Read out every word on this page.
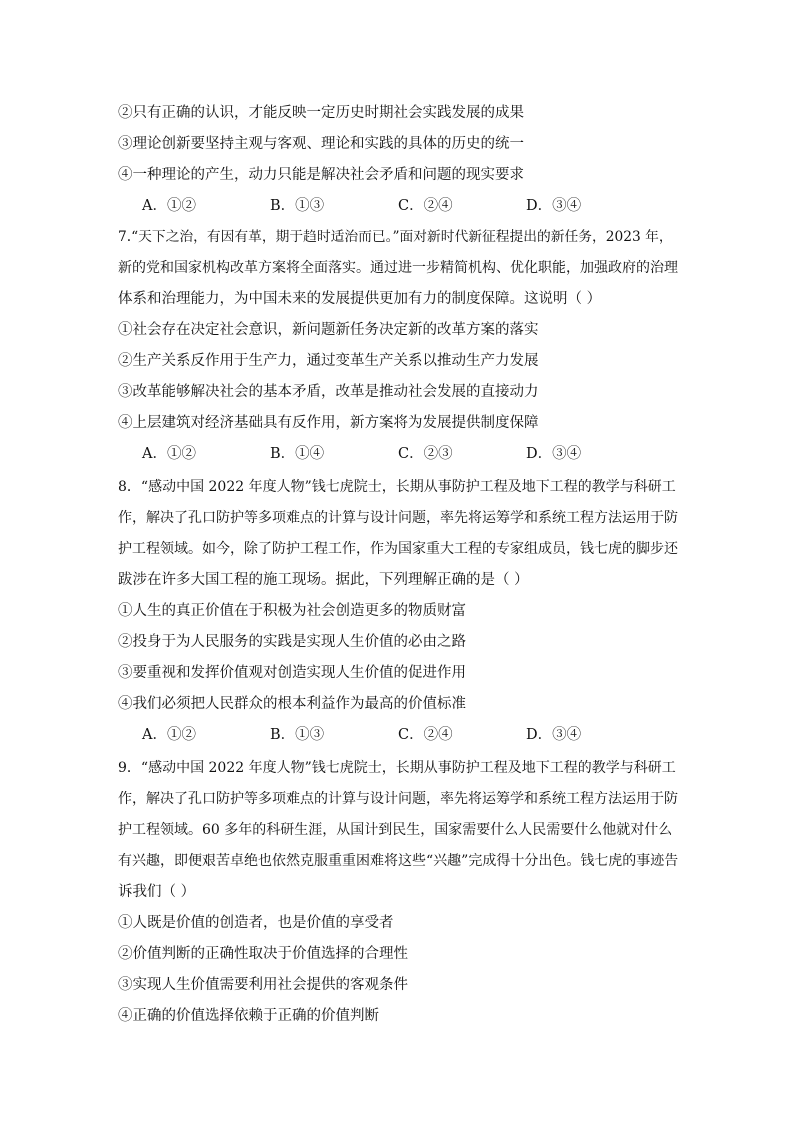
②只有正确的认识，才能反映一定历史时期社会实践发展的成果
③理论创新要坚持主观与客观、理论和实践的具体的历史的统一
④一种理论的产生，动力只能是解决社会矛盾和问题的现实要求
A．①②	B．①③	C．②④	D．③④
7.“天下之治，有因有革，期于趋时适治而已。”面对新时代新征程提出的新任务，2023 年，
新的党和国家机构改革方案将全面落实。通过进一步精简机构、优化职能，加强政府的治理
体系和治理能力，为中国未来的发展提供更加有力的制度保障。这说明（ ）
①社会存在决定社会意识，新问题新任务决定新的改革方案的落实
②生产关系反作用于生产力，通过变革生产关系以推动生产力发展
③改革能够解决社会的基本矛盾，改革是推动社会发展的直接动力
④上层建筑对经济基础具有反作用，新方案将为发展提供制度保障
A．①②	B．①④	C．②③	D．③④
8．“感动中国 2022 年度人物”钱七虎院士，长期从事防护工程及地下工程的教学与科研工
作，解决了孔口防护等多项难点的计算与设计问题，率先将运筹学和系统工程方法运用于防
护工程领域。如今，除了防护工程工作，作为国家重大工程的专家组成员，钱七虎的脚步还
跋涉在许多大国工程的施工现场。据此，下列理解正确的是（ ）
①人生的真正价值在于积极为社会创造更多的物质财富
②投身于为人民服务的实践是实现人生价值的必由之路
③要重视和发挥价值观对创造实现人生价值的促进作用
④我们必须把人民群众的根本利益作为最高的价值标准
A．①②	B．①③	C．②④	D．③④
9．“感动中国 2022 年度人物”钱七虎院士，长期从事防护工程及地下工程的教学与科研工
作，解决了孔口防护等多项难点的计算与设计问题，率先将运筹学和系统工程方法运用于防
护工程领域。60 多年的科研生涯，从国计到民生，国家需要什么人民需要什么他就对什么
有兴趣，即便艰苦卓绝也依然克服重重困难将这些“兴趣”完成得十分出色。钱七虎的事迹告
诉我们（ ）
①人既是价值的创造者，也是价值的享受者
②价值判断的正确性取决于价值选择的合理性
③实现人生价值需要利用社会提供的客观条件
④正确的价值选择依赖于正确的价值判断
